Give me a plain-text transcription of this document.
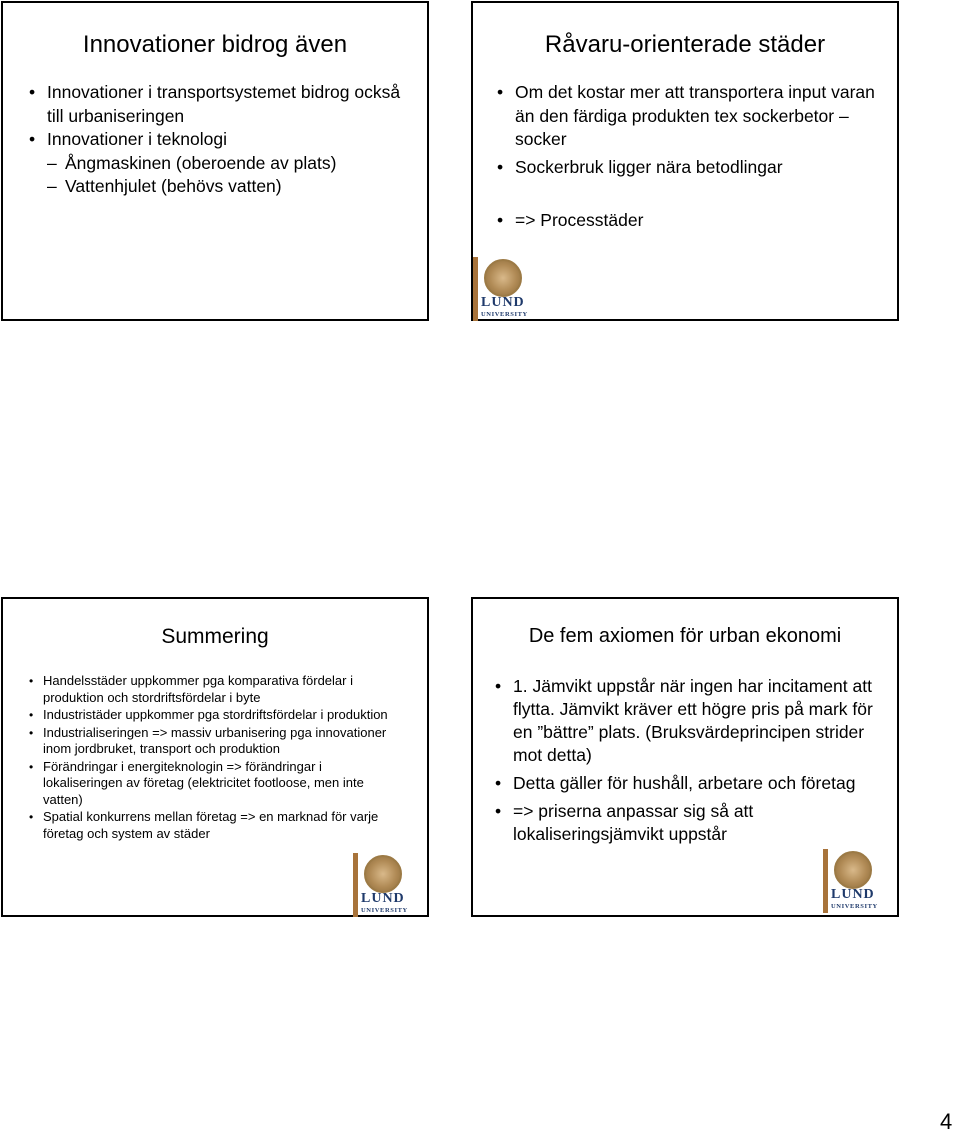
Innovationer bidrog även
• Innovationer i transportsystemet bidrog också till urbaniseringen
• Innovationer i teknologi
– Ångmaskinen (oberoende av plats)
– Vattenhjulet (behövs vatten)
Råvaru-orienterade städer
• Om det kostar mer att transportera input varan än den färdiga produkten tex sockerbetor – socker
• Sockerbruk ligger nära betodlingar
• => Processtäder
LUND
UNIVERSITY
Summering
• Handelsstäder uppkommer pga komparativa fördelar i produktion och stordriftsfördelar i byte
• Industristäder uppkommer pga stordriftsfördelar i produktion
• Industrialiseringen => massiv urbanisering pga innovationer inom jordbruket, transport och produktion
• Förändringar i energiteknologin => förändringar i lokaliseringen av företag (elektricitet footloose, men inte vatten)
• Spatial konkurrens mellan företag => en marknad för varje företag och system av städer
LUND
UNIVERSITY
De fem axiomen för urban ekonomi
• 1. Jämvikt uppstår när ingen har incitament att flytta. Jämvikt kräver ett högre pris på mark för en ”bättre” plats. (Bruksvärdeprincipen strider mot detta)
• Detta gäller för hushåll, arbetare och företag
• => priserna anpassar sig så att lokaliseringsjämvikt uppstår
LUND
UNIVERSITY
4
